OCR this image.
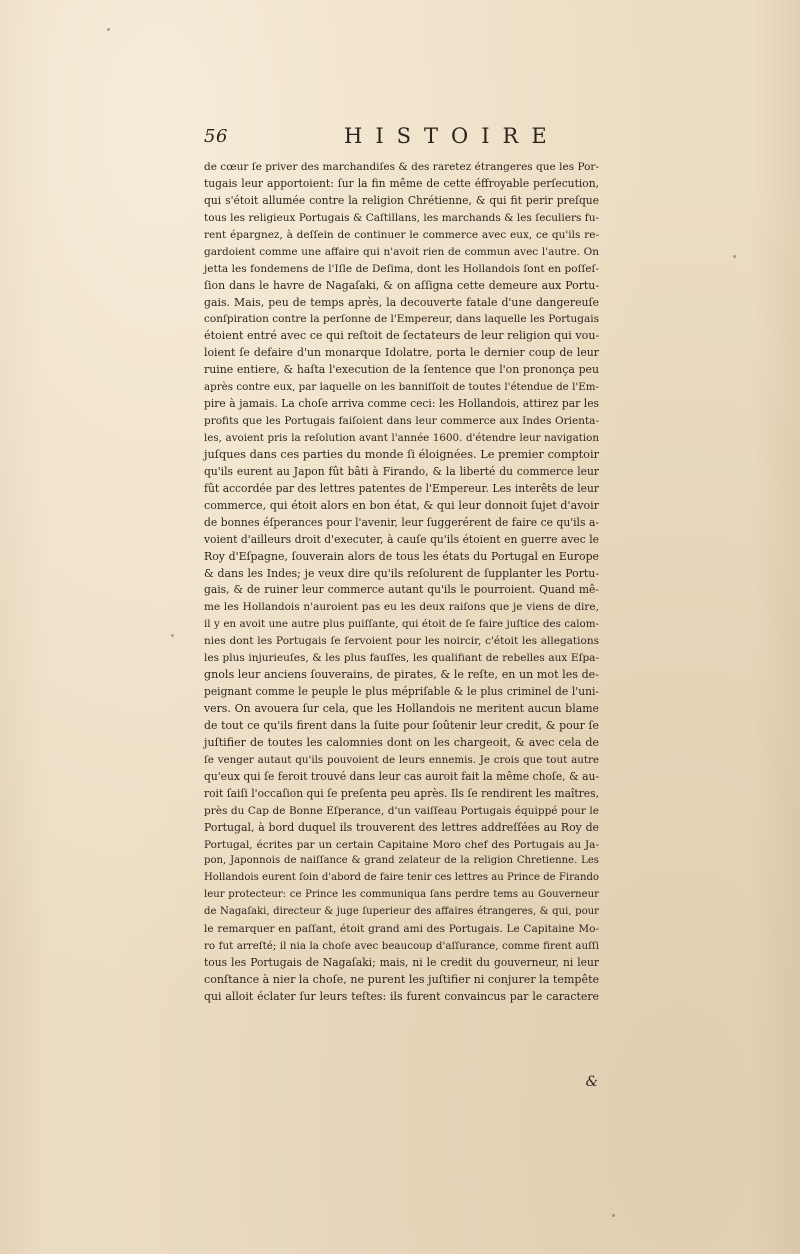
56	HISTOIRE
de cœur ſe priver des marchandiſes & des raretez étrangeres que les Por-
tugais leur apportoient: ſur la fin même de cette éffroyable perſecution,
qui s'étoit allumée contre la religion Chrétienne, & qui fit perir preſque
tous les religieux Portugais & Caſtillans, les marchands & les ſeculiers fu-
rent épargnez, à deſſein de continuer le commerce avec eux, ce qu'ils re-
gardoient comme une affaire qui n'avoit rien de commun avec l'autre. On
jetta les fondemens de l'Iſle de Deſima, dont les Hollandois ſont en poſſeſ-
ſion dans le havre de Nagaſaki, & on aſſigna cette demeure aux Portu-
gais. Mais, peu de temps après, la decouverte fatale d'une dangereuſe
conſpiration contre la perſonne de l'Empereur, dans laquelle les Portugais
étoient entré avec ce qui reſtoit de ſectateurs de leur religion qui vou-
loient ſe defaire d'un monarque Idolatre, porta le dernier coup de leur
ruine entiere, & haſta l'execution de la ſentence que l'on prononça peu
après contre eux, par laquelle on les banniſſoit de toutes l'étendue de l'Em-
pire à jamais. La choſe arriva comme ceci: les Hollandois, attirez par les
profits que les Portugais faiſoient dans leur commerce aux Indes Orienta-
les, avoient pris la reſolution avant l'année 1600. d'étendre leur navigation
juſques dans ces parties du monde ſi éloignées. Le premier comptoir
qu'ils eurent au Japon fût bâti à Firando, & la liberté du commerce leur
fût accordée par des lettres patentes de l'Empereur. Les interêts de leur
commerce, qui étoit alors en bon état, & qui leur donnoit ſujet d'avoir
de bonnes éſperances pour l'avenir, leur ſuggerérent de faire ce qu'ils a-
voient d'ailleurs droit d'executer, à cauſe qu'ils étoient en guerre avec le
Roy d'Eſpagne, ſouverain alors de tous les états du Portugal en Europe
& dans les Indes; je veux dire qu'ils reſolurent de ſupplanter les Portu-
gais, & de ruiner leur commerce autant qu'ils le pourroient. Quand mê-
me les Hollandois n'auroient pas eu les deux raiſons que je viens de dire,
il y en avoit une autre plus puiſſante, qui étoit de ſe faire juſtice des calom-
nies dont les Portugais ſe ſervoient pour les noircir, c'étoit les allegations
les plus injurieuſes, & les plus fauſſes, les qualifiant de rebelles aux Eſpa-
gnols leur anciens ſouverains, de pirates, & le reſte, en un mot les de-
peignant comme le peuple le plus mépriſable & le plus criminel de l'uni-
vers. On avouera ſur cela, que les Hollandois ne meritent aucun blame
de tout ce qu'ils firent dans la ſuite pour ſoûtenir leur credit, & pour ſe
juſtifier de toutes les calomnies dont on les chargeoit, & avec cela de
ſe venger autaut qu'ils pouvoient de leurs ennemis. Je crois que tout autre
qu'eux qui ſe feroit trouvé dans leur cas auroit fait la même choſe, & au-
roit ſaiſi l'occaſion qui ſe preſenta peu après. Ils ſe rendirent les maîtres,
près du Cap de Bonne Eſperance, d'un vaiſſeau Portugais équippé pour le
Portugal, à bord duquel ils trouverent des lettres addreſſées au Roy de
Portugal, écrites par un certain Capitaine Moro chef des Portugais au Ja-
pon, Japonnois de naiſſance & grand zelateur de la religion Chretienne. Les
Hollandois eurent ſoin d'abord de faire tenir ces lettres au Prince de Firando
leur protecteur: ce Prince les communiqua ſans perdre tems au Gouverneur
de Nagaſaki, directeur & juge ſuperieur des affaires étrangeres, & qui, pour
le remarquer en paſſant, étoit grand ami des Portugais. Le Capitaine Mo-
ro fut arreſté; il nia la choſe avec beaucoup d'aſſurance, comme firent auſſi
tous les Portugais de Nagaſaki; mais, ni le credit du gouverneur, ni leur
conſtance à nier la choſe, ne purent les juſtifier ni conjurer la tempête
qui alloit éclater ſur leurs teſtes: ils furent convaincus par le caractere
&
